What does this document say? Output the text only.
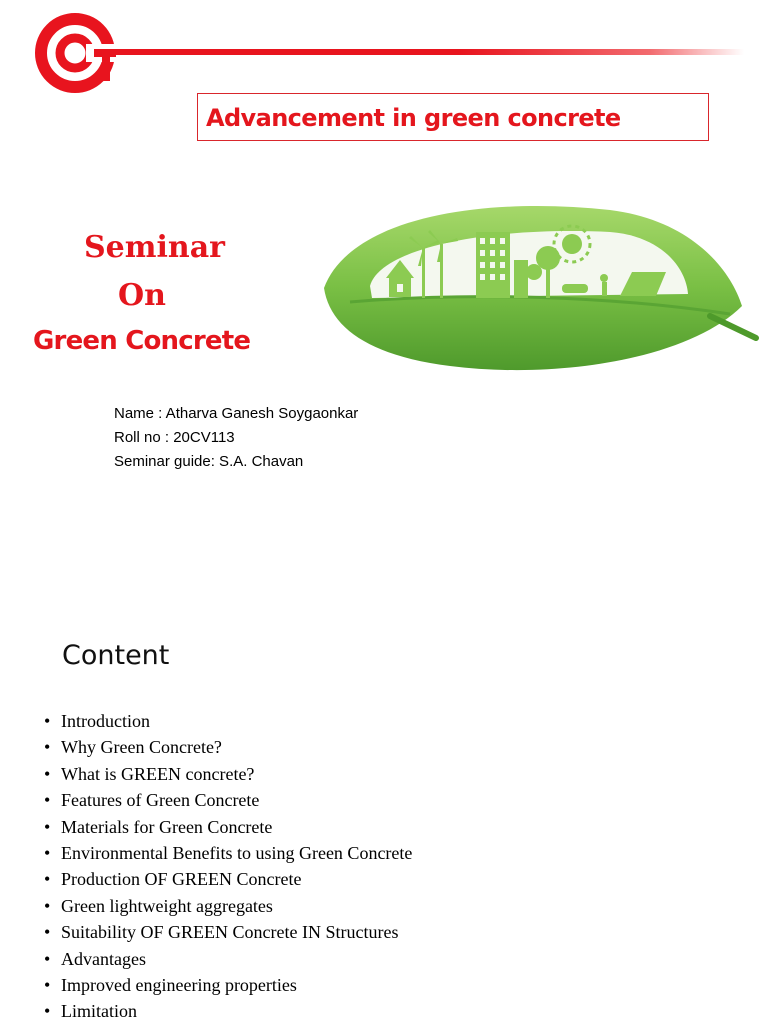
Advancement in green concrete
Seminar
On
Green Concrete
Name : Atharva Ganesh Soygaonkar
Roll no : 20CV113
Seminar guide: S.A. Chavan
Content
• Introduction
• Why Green Concrete?
• What is GREEN concrete?
• Features of Green Concrete
• Materials for Green Concrete
• Environmental Benefits to using Green Concrete
• Production OF GREEN Concrete
• Green lightweight aggregates
• Suitability OF GREEN Concrete IN Structures
• Advantages
• Improved engineering properties
• Limitation
